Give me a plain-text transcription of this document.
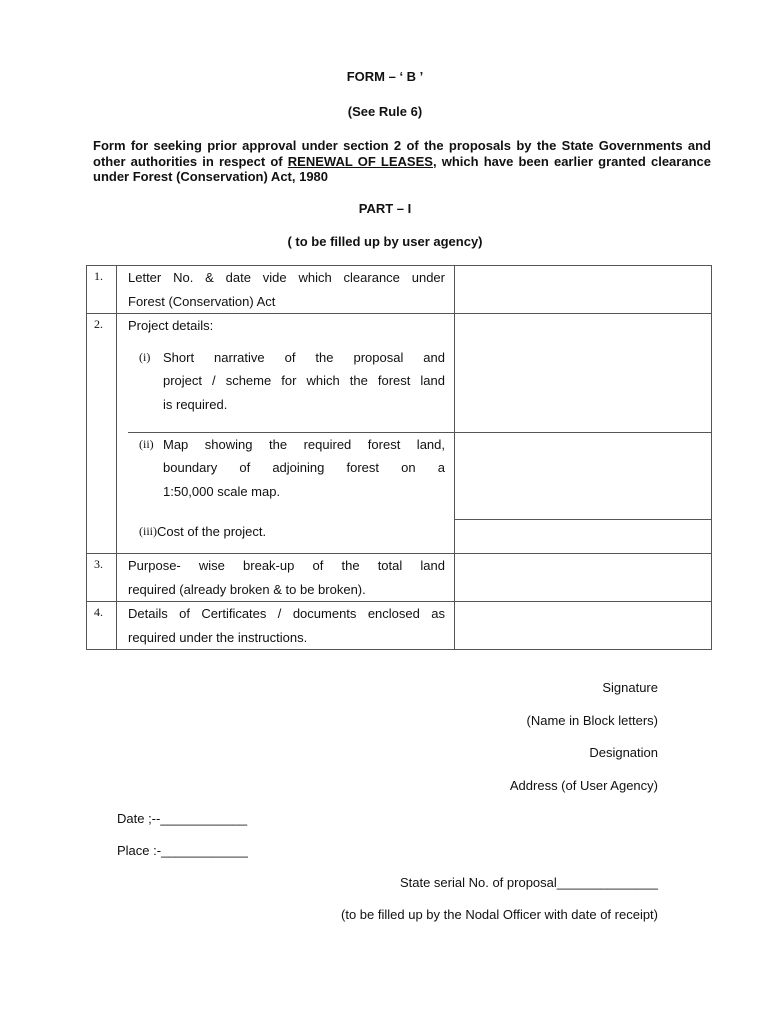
FORM – ‘ B ’
(See Rule 6)
Form for seeking prior approval under section 2 of the proposals by the State Governments and other authorities in respect of RENEWAL OF LEASES, which have been earlier granted clearance under Forest (Conservation) Act, 1980
PART – I
( to be filled up by user agency)
1.	Letter No. & date vide which clearance under
Forest (Conservation) Act	

2.	Project details:
(i) Short narrative of the proposal and
project / scheme for which the forest land
is required.	

	(ii) Map showing the required forest land,
boundary of adjoining forest on a
1:50,000 scale map.	

	(iii) Cost of the project.	

3.	Purpose- wise break-up of the total land
required (already broken & to be broken).	

4.	Details of Certificates / documents enclosed as
required under the instructions.	

Signature
(Name in Block letters)
Designation
Address (of User Agency)
Date ;--____________
Place :-____________
State serial No. of proposal______________
(to be filled up by the Nodal Officer with date of receipt)
